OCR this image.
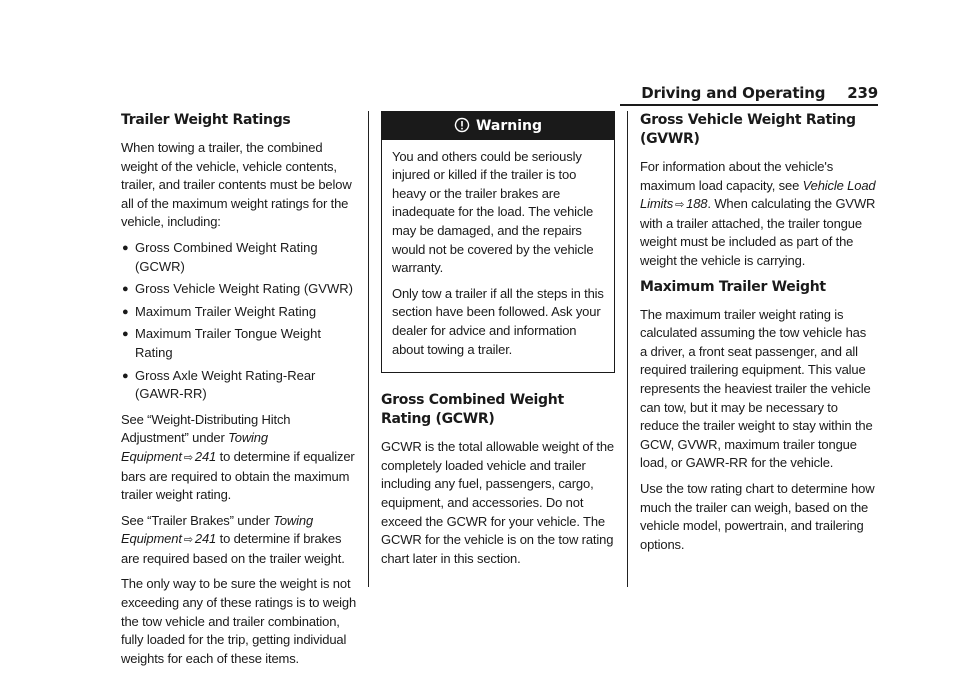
Driving and Operating 239
Trailer Weight Ratings

When towing a trailer, the combined weight of the vehicle, vehicle contents, trailer, and trailer contents must be below all of the maximum weight ratings for the vehicle, including:

● Gross Combined Weight Rating (GCWR)
● Gross Vehicle Weight Rating (GVWR)
● Maximum Trailer Weight Rating
● Maximum Trailer Tongue Weight Rating
● Gross Axle Weight Rating-Rear (GAWR-RR)

See “Weight-Distributing Hitch Adjustment” under Towing Equipment ⇨ 241 to determine if equalizer bars are required to obtain the maximum trailer weight rating.

See “Trailer Brakes” under Towing Equipment ⇨ 241 to determine if brakes are required based on the trailer weight.

The only way to be sure the weight is not exceeding any of these ratings is to weigh the tow vehicle and trailer combination, fully loaded for the trip, getting individual weights for each of these items.

Warning

You and others could be seriously injured or killed if the trailer is too heavy or the trailer brakes are inadequate for the load. The vehicle may be damaged, and the repairs would not be covered by the vehicle warranty.

Only tow a trailer if all the steps in this section have been followed. Ask your dealer for advice and information about towing a trailer.

Gross Combined Weight Rating (GCWR)

GCWR is the total allowable weight of the completely loaded vehicle and trailer including any fuel, passengers, cargo, equipment, and accessories. Do not exceed the GCWR for your vehicle. The GCWR for the vehicle is on the tow rating chart later in this section.

Gross Vehicle Weight Rating (GVWR)

For information about the vehicle's maximum load capacity, see Vehicle Load Limits ⇨ 188. When calculating the GVWR with a trailer attached, the trailer tongue weight must be included as part of the weight the vehicle is carrying.

Maximum Trailer Weight

The maximum trailer weight rating is calculated assuming the tow vehicle has a driver, a front seat passenger, and all required trailering equipment. This value represents the heaviest trailer the vehicle can tow, but it may be necessary to reduce the trailer weight to stay within the GCW, GVWR, maximum trailer tongue load, or GAWR-RR for the vehicle.

Use the tow rating chart to determine how much the trailer can weigh, based on the vehicle model, powertrain, and trailering options.
